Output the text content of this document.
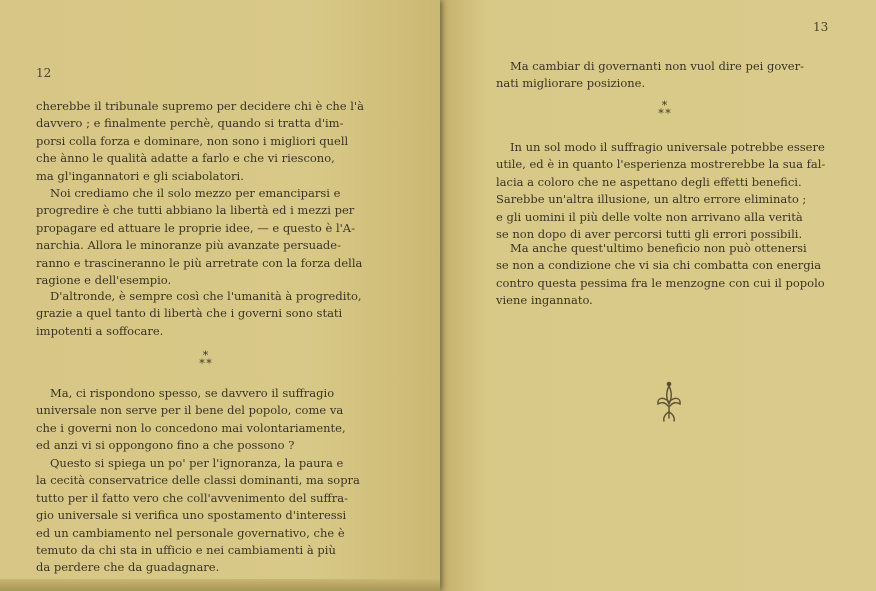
12
cherebbe il tribunale supremo per decidere chi è che l'à
davvero ; e finalmente perchè, quando si tratta d'im-
porsi colla forza e dominare, non sono i migliori quell
che ànno le qualità adatte a farlo e che vi riescono,
ma gl'ingannatori e gli sciabolatori.
Noi crediamo che il solo mezzo per emanciparsi e
progredire è che tutti abbiano la libertà ed i mezzi per
propagare ed attuare le proprie idee, — e questo è l'A-
narchia. Allora le minoranze più avanzate persuade-
ranno e trascineranno le più arretrate con la forza della
ragione e dell'esempio.
D'altronde, è sempre così che l'umanità à progredito,
grazie a quel tanto di libertà che i governi sono stati
impotenti a soffocare.
*
* *
Ma, ci rispondono spesso, se davvero il suffragio
universale non serve per il bene del popolo, come va
che i governi non lo concedono mai volontariamente,
ed anzi vi si oppongono fino a che possono ?
Questo si spiega un po' per l'ignoranza, la paura e
la cecità conservatrice delle classi dominanti, ma sopra
tutto per il fatto vero che coll'avvenimento del suffra-
gio universale si verifica uno spostamento d'interessi
ed un cambiamento nel personale governativo, che è
temuto da chi sta in ufficio e nei cambiamenti à più
da perdere che da guadagnare.
13
Ma cambiar di governanti non vuol dire pei gover-
nati migliorare posizione.
*
* *
In un sol modo il suffragio universale potrebbe essere
utile, ed è in quanto l'esperienza mostrerebbe la sua fal-
lacia a coloro che ne aspettano degli effetti benefici.
Sarebbe un'altra illusione, un altro errore eliminato ;
e gli uomini il più delle volte non arrivano alla verità
se non dopo di aver percorsi tutti gli errori possibili.
Ma anche quest'ultimo beneficio non può ottenersi
se non a condizione che vi sia chi combatta con energia
contro questa pessima fra le menzogne con cui il popolo
viene ingannato.
